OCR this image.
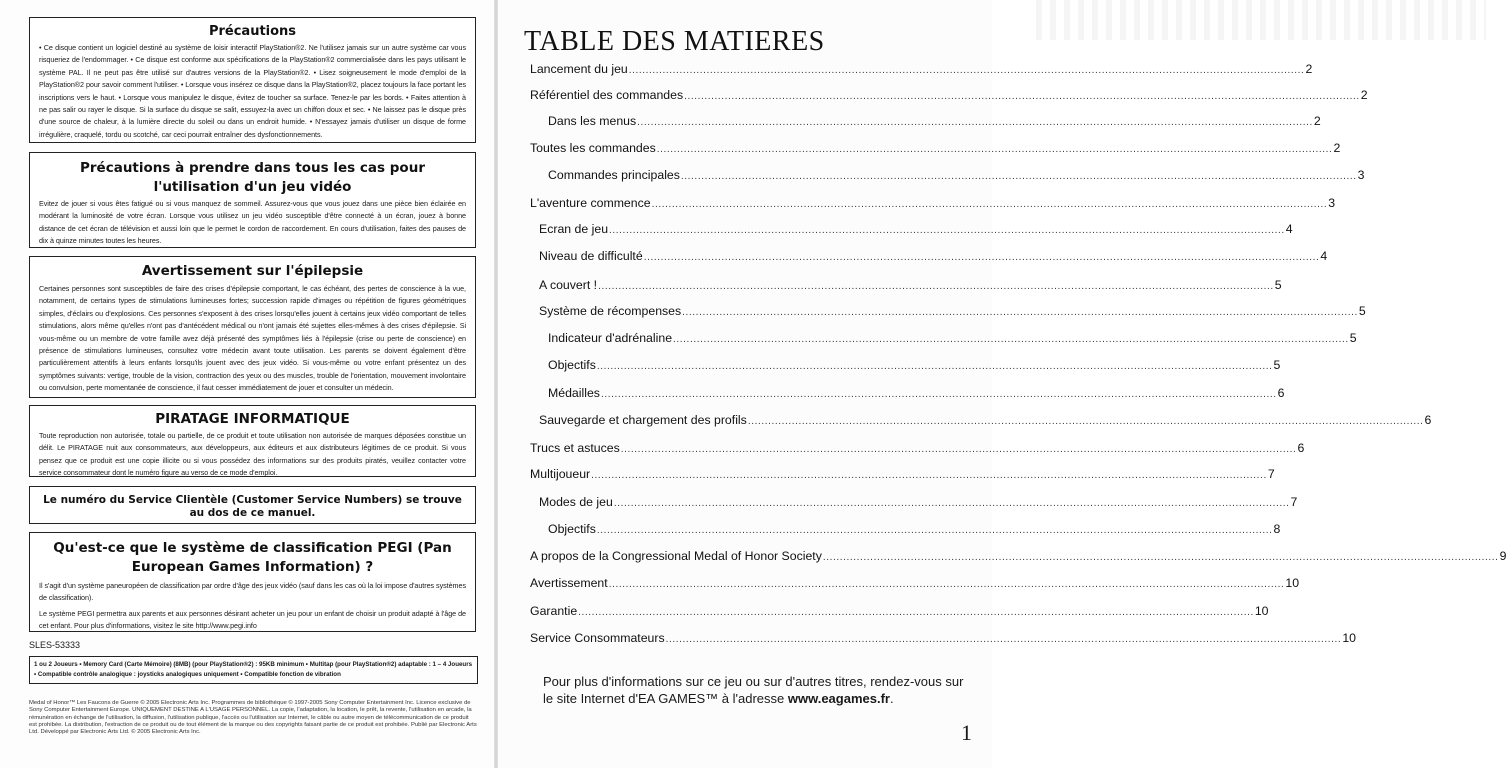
Précautions

• Ce disque contient un logiciel destiné au système de loisir interactif PlayStation®2. Ne l'utilisez jamais sur un autre système car vous risqueriez de l'endommager. • Ce disque est conforme aux spécifications de la PlayStation®2 commercialisée dans les pays utilisant le système PAL. Il ne peut pas être utilisé sur d'autres versions de la PlayStation®2. • Lisez soigneusement le mode d'emploi de la PlayStation®2 pour savoir comment l'utiliser. • Lorsque vous insérez ce disque dans la PlayStation®2, placez toujours la face portant les inscriptions vers le haut. • Lorsque vous manipulez le disque, évitez de toucher sa surface. Tenez-le par les bords. • Faites attention à ne pas salir ou rayer le disque. Si la surface du disque se salit, essuyez-la avec un chiffon doux et sec. • Ne laissez pas le disque près d'une source de chaleur, à la lumière directe du soleil ou dans un endroit humide. • N'essayez jamais d'utiliser un disque de forme irrégulière, craquelé, tordu ou scotché, car ceci pourrait entraîner des dysfonctionnements.

Précautions à prendre dans tous les cas pour l'utilisation d'un jeu vidéo

Evitez de jouer si vous êtes fatigué ou si vous manquez de sommeil. Assurez-vous que vous jouez dans une pièce bien éclairée en modérant la luminosité de votre écran. Lorsque vous utilisez un jeu vidéo susceptible d'être connecté à un écran, jouez à bonne distance de cet écran de télévision et aussi loin que le permet le cordon de raccordement. En cours d'utilisation, faites des pauses de dix à quinze minutes toutes les heures.

Avertissement sur l'épilepsie

Certaines personnes sont susceptibles de faire des crises d'épilepsie comportant, le cas échéant, des pertes de conscience à la vue, notamment, de certains types de stimulations lumineuses fortes; succession rapide d'images ou répétition de figures géométriques simples, d'éclairs ou d'explosions. Ces personnes s'exposent à des crises lorsqu'elles jouent à certains jeux vidéo comportant de telles stimulations, alors même qu'elles n'ont pas d'antécédent médical ou n'ont jamais été sujettes elles-mêmes à des crises d'épilepsie. Si vous-même ou un membre de votre famille avez déjà présenté des symptômes liés à l'épilepsie (crise ou perte de conscience) en présence de stimulations lumineuses, consultez votre médecin avant toute utilisation. Les parents se doivent également d'être particulièrement attentifs à leurs enfants lorsqu'ils jouent avec des jeux vidéo. Si vous-même ou votre enfant présentez un des symptômes suivants: vertige, trouble de la vision, contraction des yeux ou des muscles, trouble de l'orientation, mouvement involontaire ou convulsion, perte momentanée de conscience, il faut cesser immédiatement de jouer et consulter un médecin.

PIRATAGE INFORMATIQUE

Toute reproduction non autorisée, totale ou partielle, de ce produit et toute utilisation non autorisée de marques déposées constitue un délit. Le PIRATAGE nuit aux consommateurs, aux développeurs, aux éditeurs et aux distributeurs légitimes de ce produit. Si vous pensez que ce produit est une copie illicite ou si vous possédez des informations sur des produits piratés, veuillez contacter votre service consommateur dont le numéro figure au verso de ce mode d'emploi.

Le numéro du Service Clientèle (Customer Service Numbers) se trouve au dos de ce manuel.
Qu'est-ce que le système de classification PEGI (Pan European Games Information) ?

Il s'agit d'un système paneuropéen de classification par ordre d'âge des jeux vidéo (sauf dans les cas où la loi impose d'autres systèmes de classification).

Le système PEGI permettra aux parents et aux personnes désirant acheter un jeu pour un enfant de choisir un produit adapté à l'âge de cet enfant. Pour plus d'informations, visitez le site http://www.pegi.info

SLES-53333
1 ou 2 Joueurs • Memory Card (Carte Mémoire) (8MB) (pour PlayStation®2) : 95KB minimum • Multitap (pour PlayStation®2) adaptable : 1 – 4 Joueurs
• Compatible contrôle analogique : joysticks analogiques uniquement • Compatible fonction de vibration
Medal of Honor™ Les Faucons de Guerre © 2005 Electronic Arts Inc. Programmes de bibliothèque © 1997-2005 Sony Computer Entertainment Inc. Licence exclusive de Sony Computer Entertainment Europe. UNIQUEMENT DESTINE A L'USAGE PERSONNEL. La copie, l'adaptation, la location, le prêt, la revente, l'utilisation en arcade, la rémunération en échange de l'utilisation, la diffusion, l'utilisation publique, l'accès ou l'utilisation sur Internet, le câble ou autre moyen de télécommunication de ce produit est prohibée. La distribution, l'extraction de ce produit ou de tout élément de la marque ou des copyrights faisant partie de ce produit est prohibée. Publié par Electronic Arts Ltd. Développé par Electronic Arts Ltd. © 2005 Electronic Arts Inc.
TABLE DES MATIERES
Lancement du jeu ........................................................................................................................................................................................................ 2
Référentiel des commandes ........................................................................................................................................................................................................ 2
Dans les menus ........................................................................................................................................................................................................ 2
Toutes les commandes ........................................................................................................................................................................................................ 2
Commandes principales ........................................................................................................................................................................................................ 3
L'aventure commence ........................................................................................................................................................................................................ 3
Ecran de jeu ........................................................................................................................................................................................................ 4
Niveau de difficulté ........................................................................................................................................................................................................ 4
A couvert ! ........................................................................................................................................................................................................ 5
Système de récompenses ........................................................................................................................................................................................................ 5
Indicateur d'adrénaline ........................................................................................................................................................................................................ 5
Objectifs ........................................................................................................................................................................................................ 5
Médailles ........................................................................................................................................................................................................ 6
Sauvegarde et chargement des profils ........................................................................................................................................................................................................ 6
Trucs et astuces ........................................................................................................................................................................................................ 6
Multijoueur ........................................................................................................................................................................................................ 7
Modes de jeu ........................................................................................................................................................................................................ 7
Objectifs ........................................................................................................................................................................................................ 8
A propos de la Congressional Medal of Honor Society ........................................................................................................................................................................................................ 9
Avertissement ........................................................................................................................................................................................................ 10
Garantie ........................................................................................................................................................................................................ 10
Service Consommateurs ........................................................................................................................................................................................................ 10
Pour plus d'informations sur ce jeu ou sur d'autres titres, rendez-vous sur le site Internet d'EA GAMES™ à l'adresse www.eagames.fr.
1
